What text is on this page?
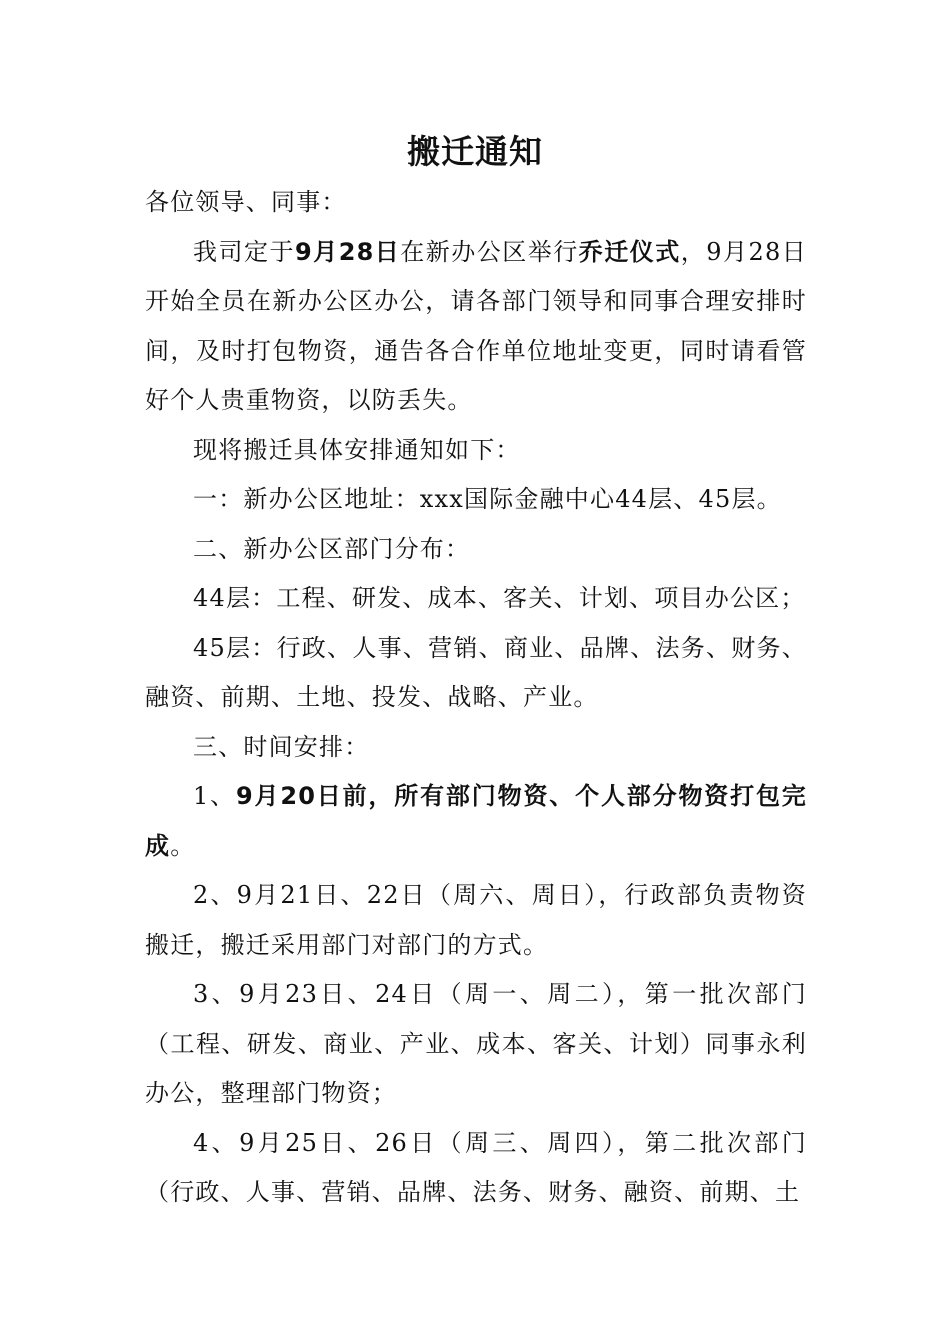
搬迁通知

各位领导、同事：

我司定于9月28日在新办公区举行乔迁仪式，9月28日开始全员在新办公区办公，请各部门领导和同事合理安排时间，及时打包物资，通告各合作单位地址变更，同时请看管好个人贵重物资，以防丢失。

现将搬迁具体安排通知如下：

一：新办公区地址：xxx国际金融中心44层、45层。

二、新办公区部门分布：

44层：工程、研发、成本、客关、计划、项目办公区；

45层：行政、人事、营销、商业、品牌、法务、财务、融资、前期、土地、投发、战略、产业。

三、时间安排：

1、9月20日前，所有部门物资、个人部分物资打包完成。

2、9月21日、22日（周六、周日），行政部负责物资搬迁，搬迁采用部门对部门的方式。

3、9月23日、24日（周一、周二），第一批次部门（工程、研发、商业、产业、成本、客关、计划）同事永利办公，整理部门物资；

4、9月25日、26日（周三、周四），第二批次部门（行政、人事、营销、品牌、法务、财务、融资、前期、土
